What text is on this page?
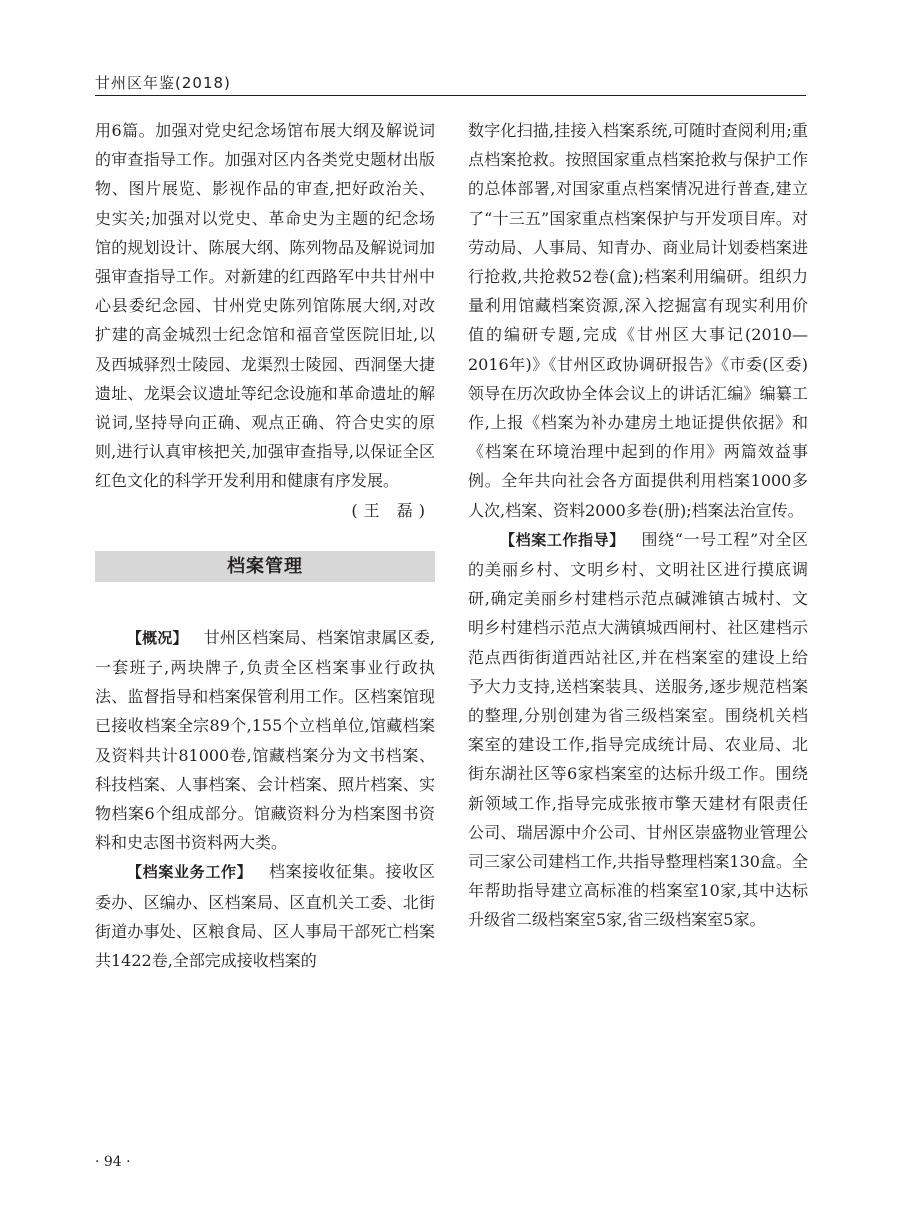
甘州区年鉴(2018)

用6篇。加强对党史纪念场馆布展大纲及解说词的审查指导工作。加强对区内各类党史题材出版物、图片展览、影视作品的审查,把好政治关、史实关;加强对以党史、革命史为主题的纪念场馆的规划设计、陈展大纲、陈列物品及解说词加强审查指导工作。对新建的红西路军中共甘州中心县委纪念园、甘州党史陈列馆陈展大纲,对改扩建的高金城烈士纪念馆和福音堂医院旧址,以及西城驿烈士陵园、龙渠烈士陵园、西洞堡大捷遗址、龙渠会议遗址等纪念设施和革命遗址的解说词,坚持导向正确、观点正确、符合史实的原则,进行认真审核把关,加强审查指导,以保证全区红色文化的科学开发利用和健康有序发展。

(王 磊)
档案管理

【概况】  甘州区档案局、档案馆隶属区委,一套班子,两块牌子,负责全区档案事业行政执法、监督指导和档案保管利用工作。区档案馆现已接收档案全宗89个,155个立档单位,馆藏档案及资料共计81000卷,馆藏档案分为文书档案、科技档案、人事档案、会计档案、照片档案、实物档案6个组成部分。馆藏资料分为档案图书资料和史志图书资料两大类。

【档案业务工作】  档案接收征集。接收区委办、区编办、区档案局、区直机关工委、北街街道办事处、区粮食局、区人事局干部死亡档案共1422卷,全部完成接收档案的

数字化扫描,挂接入档案系统,可随时查阅利用;重点档案抢救。按照国家重点档案抢救与保护工作的总体部署,对国家重点档案情况进行普查,建立了“十三五”国家重点档案保护与开发项目库。对劳动局、人事局、知青办、商业局计划委档案进行抢救,共抢救52卷(盒);档案利用编研。组织力量利用馆藏档案资源,深入挖掘富有现实利用价值的编研专题,完成《甘州区大事记(2010—2016年)》《甘州区政协调研报告》《市委(区委)领导在历次政协全体会议上的讲话汇编》编纂工作,上报《档案为补办建房土地证提供依据》和《档案在环境治理中起到的作用》两篇效益事例。全年共向社会各方面提供利用档案1000多人次,档案、资料2000多卷(册);档案法治宣传。

【档案工作指导】  围绕“一号工程”对全区的美丽乡村、文明乡村、文明社区进行摸底调研,确定美丽乡村建档示范点碱滩镇古城村、文明乡村建档示范点大满镇城西闸村、社区建档示范点西街街道西站社区,并在档案室的建设上给予大力支持,送档案装具、送服务,逐步规范档案的整理,分别创建为省三级档案室。围绕机关档案室的建设工作,指导完成统计局、农业局、北街东湖社区等6家档案室的达标升级工作。围绕新领域工作,指导完成张掖市擎天建材有限责任公司、瑞居源中介公司、甘州区崇盛物业管理公司三家公司建档工作,共指导整理档案130盒。全年帮助指导建立高标准的档案室10家,其中达标升级省二级档案室5家,省三级档案室5家。

· 94 ·
